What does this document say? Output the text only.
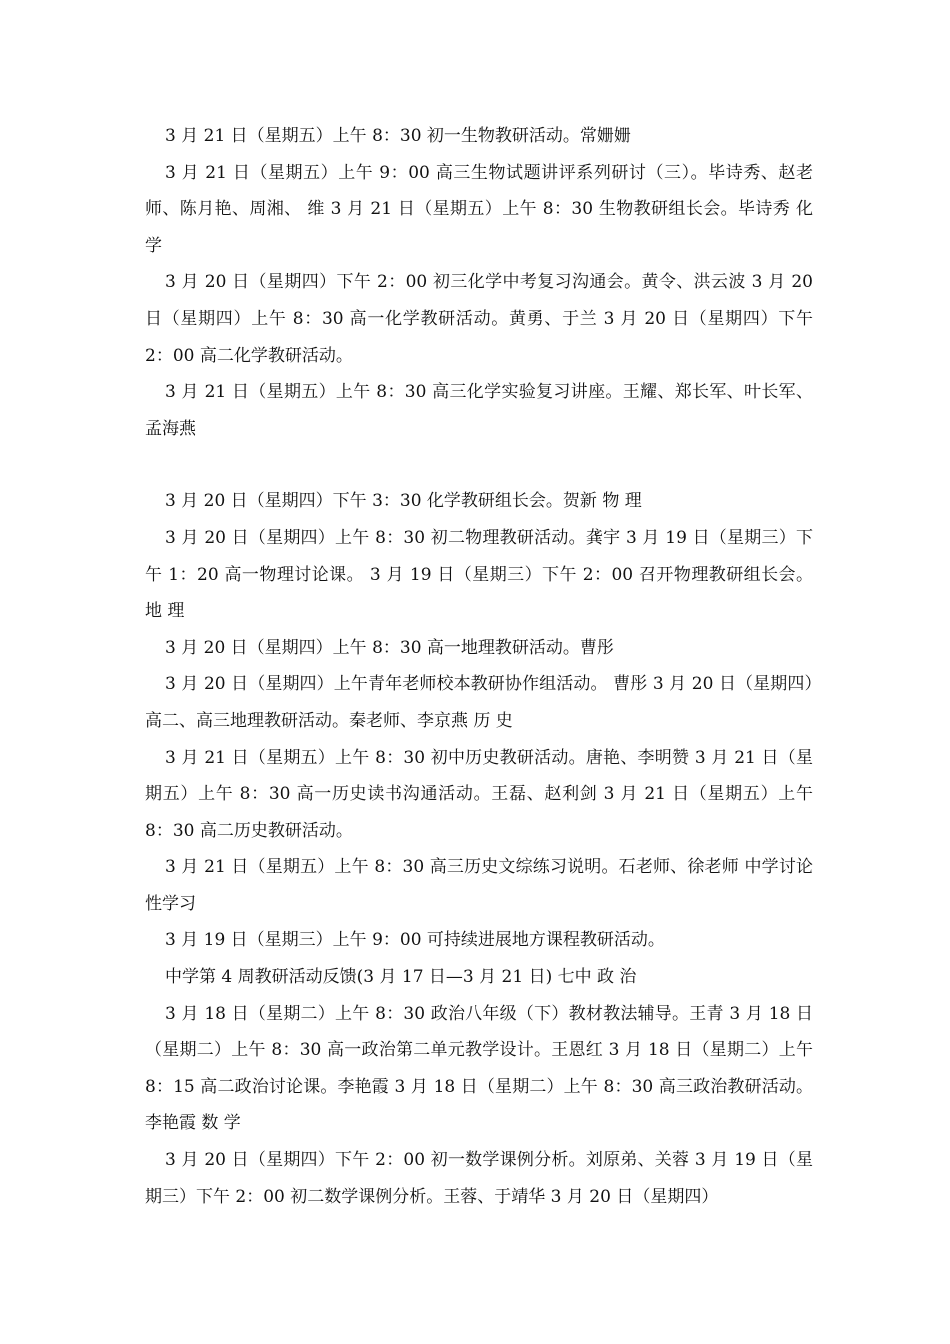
3 月 21 日（星期五）上午 8：30 初一生物教研活动。常姗姗

3 月 21 日（星期五）上午 9：00 高三生物试题讲评系列研讨（三）。毕诗秀、赵老师、陈月艳、周湘、 维 3 月 21 日（星期五）上午 8：30 生物教研组长会。毕诗秀 化 学

3 月 20 日（星期四）下午 2：00 初三化学中考复习沟通会。黄令、洪云波 3 月 20 日（星期四）上午 8：30 高一化学教研活动。黄勇、于兰 3 月 20 日（星期四）下午 2：00 高二化学教研活动。

3 月 21 日（星期五）上午 8：30 高三化学实验复习讲座。王耀、郑长军、叶长军、孟海燕

3 月 20 日（星期四）下午 3：30 化学教研组长会。贺新 物 理

3 月 20 日（星期四）上午 8：30 初二物理教研活动。龚宇 3 月 19 日（星期三）下午 1：20 高一物理讨论课。 3 月 19 日（星期三）下午 2：00 召开物理教研组长会。 地 理

3 月 20 日（星期四）上午 8：30 高一地理教研活动。曹彤

3 月 20 日（星期四）上午青年老师校本教研协作组活动。 曹彤 3 月 20 日（星期四）高二、高三地理教研活动。秦老师、李京燕 历 史

3 月 21 日（星期五）上午 8：30 初中历史教研活动。唐艳、李明赞 3 月 21 日（星期五）上午 8：30 高一历史读书沟通活动。王磊、赵利剑 3 月 21 日（星期五）上午 8：30 高二历史教研活动。

3 月 21 日（星期五）上午 8：30 高三历史文综练习说明。石老师、徐老师 中学讨论性学习

3 月 19 日（星期三）上午 9：00 可持续进展地方课程教研活动。

中学第 4 周教研活动反馈(3 月 17 日—3 月 21 日) 七中 政 治

3 月 18 日（星期二）上午 8：30 政治八年级（下）教材教法辅导。王青 3 月 18 日（星期二）上午 8：30 高一政治第二单元教学设计。王恩红 3 月 18 日（星期二）上午 8：15 高二政治讨论课。李艳霞 3 月 18 日（星期二）上午 8：30 高三政治教研活动。李艳霞 数 学

3 月 20 日（星期四）下午 2：00 初一数学课例分析。刘原弟、关蓉 3 月 19 日（星期三）下午 2：00 初二数学课例分析。王蓉、于靖华 3 月 20 日（星期四）
